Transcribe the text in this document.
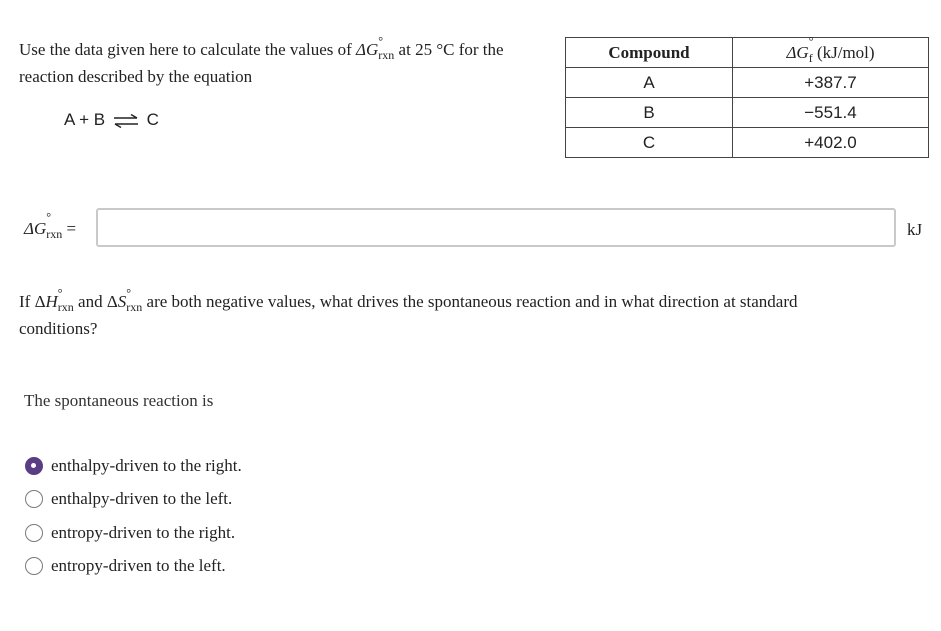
Use the data given here to calculate the values of ΔG °
$_{rxn}$ at 25 °C for the reaction described by the equation
A + B ⇌ C
Compound	ΔG
°
$_f$ (kJ/mol)
A	+387.7
B	−551.4
C	+402.0
ΔG
°
$_{rxn}$ =	kJ
If ΔH °
$_{rxn}$ and ΔS °
$_{rxn}$ are both negative values, what drives the spontaneous reaction and in what direction at standard conditions?
The spontaneous reaction is
enthalpy-driven to the right.
enthalpy-driven to the left.
entropy-driven to the right.
entropy-driven to the left.
